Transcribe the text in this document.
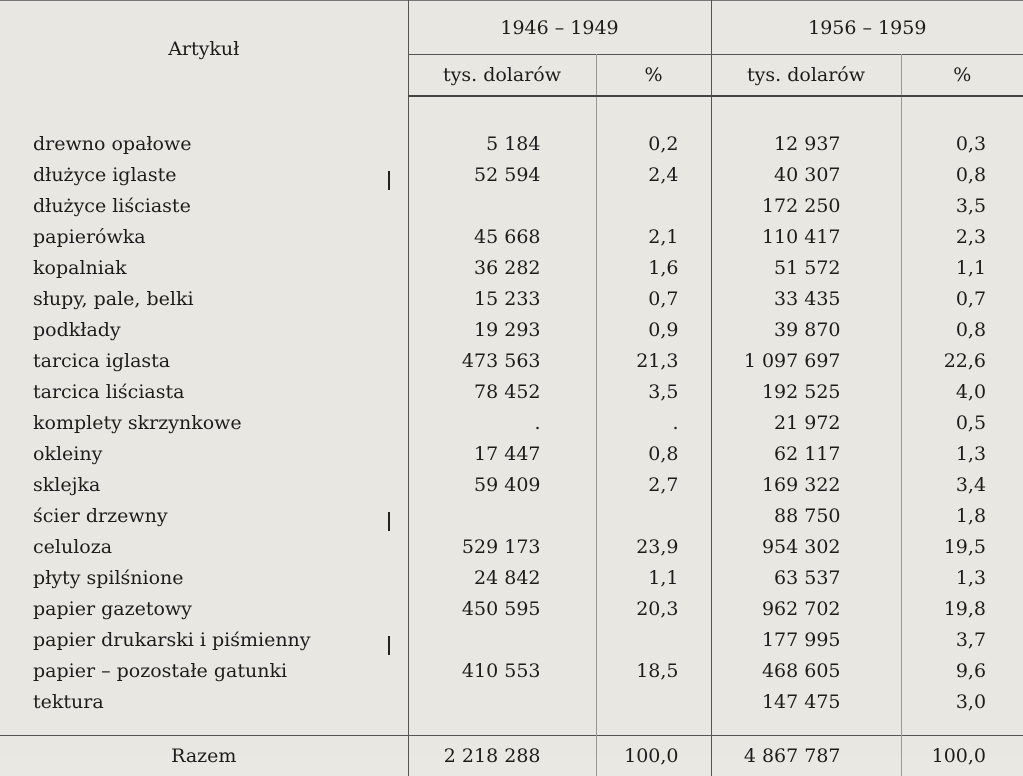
Artykuł	1946 – 1949		1956 – 1959	
	tys. dolarów	%	tys. dolarów	%

drewno opałowe	5 184	0,2	12 937	0,3
dłużyce iglaste	52 594	2,4	40 307	0,8
dłużyce liściaste			172 250	3,5
papierówka	45 668	2,1	110 417	2,3
kopalniak	36 282	1,6	51 572	1,1
słupy, pale, belki	15 233	0,7	33 435	0,7
podkłady	19 293	0,9	39 870	0,8
tarcica iglasta	473 563	21,3	1 097 697	22,6
tarcica liściasta	78 452	3,5	192 525	4,0
komplety skrzynkowe	.	.	21 972	0,5
okleiny	17 447	0,8	62 117	1,3
sklejka	59 409	2,7	169 322	3,4
ścier drzewny			88 750	1,8
celuloza	529 173	23,9	954 302	19,5
płyty spilśnione	24 842	1,1	63 537	1,3
papier gazetowy	450 595	20,3	962 702	19,8
papier drukarski i piśmienny			177 995	3,7
papier – pozostałe gatunki	410 553	18,5	468 605	9,6
tektura			147 475	3,0

Razem	2 218 288	100,0	4 867 787	100,0
